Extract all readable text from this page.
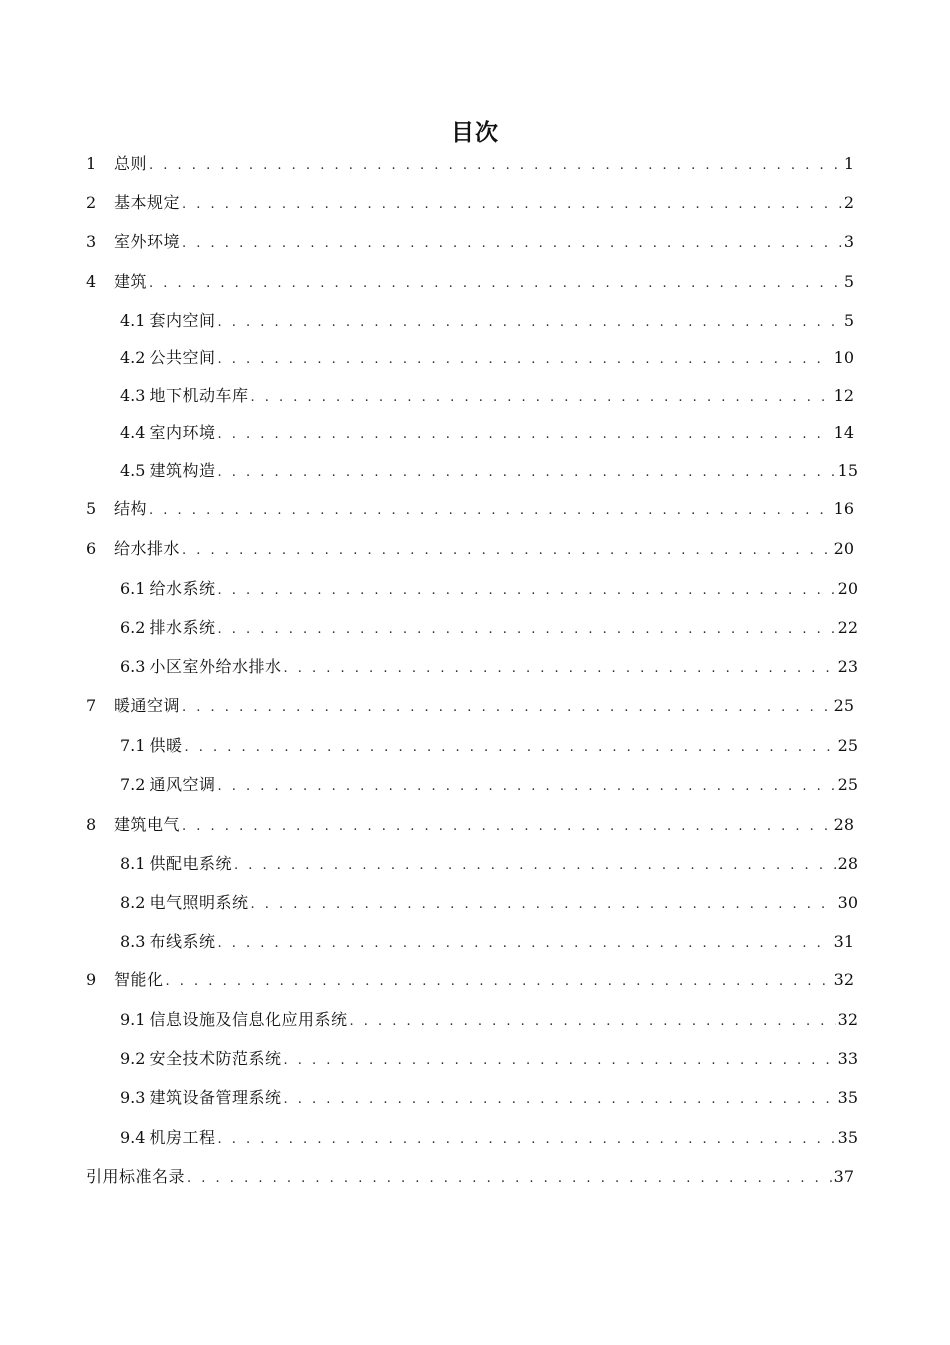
目次
1	总则 . . .	1
2	基本规定 . . .	2
3	室外环境 . . .	3
4	建筑 . . .	5
4.1 套内空间 . . .	5
4.2 公共空间 . . .	10
4.3 地下机动车库 . . .	12
4.4 室内环境 . . .	14
4.5 建筑构造 . . .	15
5	结构 . . .	16
6	给水排水 . . .	20
6.1 给水系统 . . .	20
6.2 排水系统 . . .	22
6.3 小区室外给水排水 . . .	23
7	暖通空调 . . .	25
7.1 供暖 . . .	25
7.2 通风空调 . . .	25
8	建筑电气 . . .	28
8.1 供配电系统 . . .	28
8.2 电气照明系统 . . .	30
8.3 布线系统 . . .	31
9	智能化 . . .	32
9.1 信息设施及信息化应用系统 . . .	32
9.2 安全技术防范系统 . . .	33
9.3 建筑设备管理系统 . . .	35
9.4 机房工程 . . .	35
引用标准名录 . . .	37
